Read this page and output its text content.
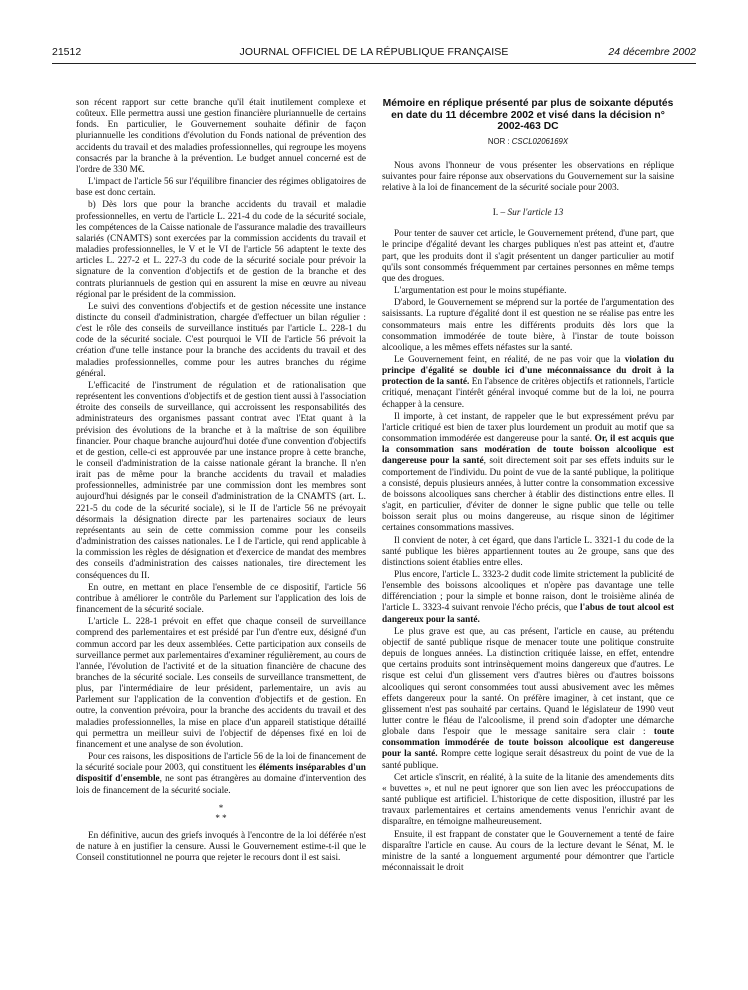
21512	JOURNAL OFFICIEL DE LA RÉPUBLIQUE FRANÇAISE	24 décembre 2002

son récent rapport sur cette branche qu'il était inutilement complexe et coûteux. Elle permettra aussi une gestion financière pluriannuelle de certains fonds. En particulier, le Gouvernement souhaite définir de façon pluriannuelle les conditions d'évolution du Fonds national de prévention des accidents du travail et des maladies professionnelles, qui regroupe les moyens consacrés par la branche à la prévention. Le budget annuel concerné est de l'ordre de 330 M€.

L'impact de l'article 56 sur l'équilibre financier des régimes obligatoires de base est donc certain.

b) Dès lors que pour la branche accidents du travail et maladie professionnelles, en vertu de l'article L. 221-4 du code de la sécurité sociale, les compétences de la Caisse nationale de l'assurance maladie des travailleurs salariés (CNAMTS) sont exercées par la commission accidents du travail et maladies professionnelles, le V et le VI de l'article 56 adaptent le texte des articles L. 227-2 et L. 227-3 du code de la sécurité sociale pour prévoir la signature de la convention d'objectifs et de gestion de la branche et des contrats pluriannuels de gestion qui en assurent la mise en œuvre au niveau régional par le président de la commission.

Le suivi des conventions d'objectifs et de gestion nécessite une instance distincte du conseil d'administration, chargée d'effectuer un bilan régulier : c'est le rôle des conseils de surveillance institués par l'article L. 228-1 du code de la sécurité sociale. C'est pourquoi le VII de l'article 56 prévoit la création d'une telle instance pour la branche des accidents du travail et des maladies professionnelles, comme pour les autres branches du régime général.

L'efficacité de l'instrument de régulation et de rationalisation que représentent les conventions d'objectifs et de gestion tient aussi à l'association étroite des conseils de surveillance, qui accroissent les responsabilités des administrateurs des organismes passant contrat avec l'Etat quant à la prévision des évolutions de la branche et à la maîtrise de son équilibre financier. Pour chaque branche aujourd'hui dotée d'une convention d'objectifs et de gestion, celle-ci est approuvée par une instance propre à cette branche, le conseil d'administration de la caisse nationale gérant la branche. Il n'en irait pas de même pour la branche accidents du travail et maladies professionnelles, administrée par une commission dont les membres sont aujourd'hui désignés par le conseil d'administration de la CNAMTS (art. L. 221-5 du code de la sécurité sociale), si le II de l'article 56 ne prévoyait désormais la désignation directe par les partenaires sociaux de leurs représentants au sein de cette commission comme pour les conseils d'administration des caisses nationales. Le I de l'article, qui rend applicable à la commission les règles de désignation et d'exercice de mandat des membres des conseils d'administration des caisses nationales, tire directement les conséquences du II.

En outre, en mettant en place l'ensemble de ce dispositif, l'article 56 contribue à améliorer le contrôle du Parlement sur l'application des lois de financement de la sécurité sociale.

L'article L. 228-1 prévoit en effet que chaque conseil de surveillance comprend des parlementaires et est présidé par l'un d'entre eux, désigné d'un commun accord par les deux assemblées. Cette participation aux conseils de surveillance permet aux parlementaires d'examiner régulièrement, au cours de l'année, l'évolution de l'activité et de la situation financière de chacune des branches de la sécurité sociale. Les conseils de surveillance transmettent, de plus, par l'intermédiaire de leur président, parlementaire, un avis au Parlement sur l'application de la convention d'objectifs et de gestion. En outre, la convention prévoira, pour la branche des accidents du travail et des maladies professionnelles, la mise en place d'un appareil statistique détaillé qui permettra un meilleur suivi de l'objectif de dépenses fixé en loi de financement et une analyse de son évolution.

Pour ces raisons, les dispositions de l'article 56 de la loi de financement de la sécurité sociale pour 2003, qui constituent les éléments inséparables d'un dispositif d'ensemble, ne sont pas étrangères au domaine d'intervention des lois de financement de la sécurité sociale.

*
* *

En définitive, aucun des griefs invoqués à l'encontre de la loi déférée n'est de nature à en justifier la censure. Aussi le Gouvernement estime-t-il que le Conseil constitutionnel ne pourra que rejeter le recours dont il est saisi.

Mémoire en réplique présenté par plus de soixante députés en date du 11 décembre 2002 et visé dans la décision n° 2002-463 DC
NOR : CSCL0206169X

Nous avons l'honneur de vous présenter les observations en réplique suivantes pour faire réponse aux observations du Gouvernement sur la saisine relative à la loi de financement de la sécurité sociale pour 2003.

I. – Sur l'article 13

Pour tenter de sauver cet article, le Gouvernement prétend, d'une part, que le principe d'égalité devant les charges publiques n'est pas atteint et, d'autre part, que les produits dont il s'agit présentent un danger particulier au motif qu'ils sont consommés fréquemment par certaines personnes en même temps que des drogues.

L'argumentation est pour le moins stupéfiante.

D'abord, le Gouvernement se méprend sur la portée de l'argumentation des saisissants. La rupture d'égalité dont il est question ne se réalise pas entre les consommateurs mais entre les différents produits dès lors que la consommation immodérée de toute bière, à l'instar de toute boisson alcoolique, a les mêmes effets néfastes sur la santé.

Le Gouvernement feint, en réalité, de ne pas voir que la violation du principe d'égalité se double ici d'une méconnaissance du droit à la protection de la santé. En l'absence de critères objectifs et rationnels, l'article critiqué, menaçant l'intérêt général invoqué comme but de la loi, ne pourra échapper à la censure.

Il importe, à cet instant, de rappeler que le but expressément prévu par l'article critiqué est bien de taxer plus lourdement un produit au motif que sa consommation immodérée est dangereuse pour la santé. Or, il est acquis que la consommation sans modération de toute boisson alcoolique est dangereuse pour la santé, soit directement soit par ses effets induits sur le comportement de l'individu. Du point de vue de la santé publique, la politique a consisté, depuis plusieurs années, à lutter contre la consommation excessive de boissons alcooliques sans chercher à établir des distinctions entre elles. Il s'agit, en particulier, d'éviter de donner le signe public que telle ou telle boisson serait plus ou moins dangereuse, au risque sinon de légitimer certaines consommations massives.

Il convient de noter, à cet égard, que dans l'article L. 3321-1 du code de la santé publique les bières appartiennent toutes au 2e groupe, sans que des distinctions soient établies entre elles.

Plus encore, l'article L. 3323-2 dudit code limite strictement la publicité de l'ensemble des boissons alcooliques et n'opère pas davantage une telle différenciation ; pour la simple et bonne raison, dont le troisième alinéa de l'article L. 3323-4 suivant renvoie l'écho précis, que l'abus de tout alcool est dangereux pour la santé.

Le plus grave est que, au cas présent, l'article en cause, au prétendu objectif de santé publique risque de menacer toute une politique construite depuis de longues années. La distinction critiquée laisse, en effet, entendre que certains produits sont intrinsèquement moins dangereux que d'autres. Le risque est celui d'un glissement vers d'autres bières ou d'autres boissons alcooliques qui seront consommées tout aussi abusivement avec les mêmes effets dangereux pour la santé. On préfère imaginer, à cet instant, que ce glissement n'est pas souhaité par certains. Quand le législateur de 1990 veut lutter contre le fléau de l'alcoolisme, il prend soin d'adopter une démarche globale dans l'espoir que le message sanitaire sera clair : toute consommation immodérée de toute boisson alcoolique est dangereuse pour la santé. Rompre cette logique serait désastreux du point de vue de la santé publique.

Cet article s'inscrit, en réalité, à la suite de la litanie des amendements dits « buvettes », et nul ne peut ignorer que son lien avec les préoccupations de santé publique est artificiel. L'historique de cette disposition, illustré par les travaux parlementaires et certains amendements venus l'enrichir avant de disparaître, en témoigne malheureusement.

Ensuite, il est frappant de constater que le Gouvernement a tenté de faire disparaître l'article en cause. Au cours de la lecture devant le Sénat, M. le ministre de la santé a longuement argumenté pour démontrer que l'article méconnaissait le droit
